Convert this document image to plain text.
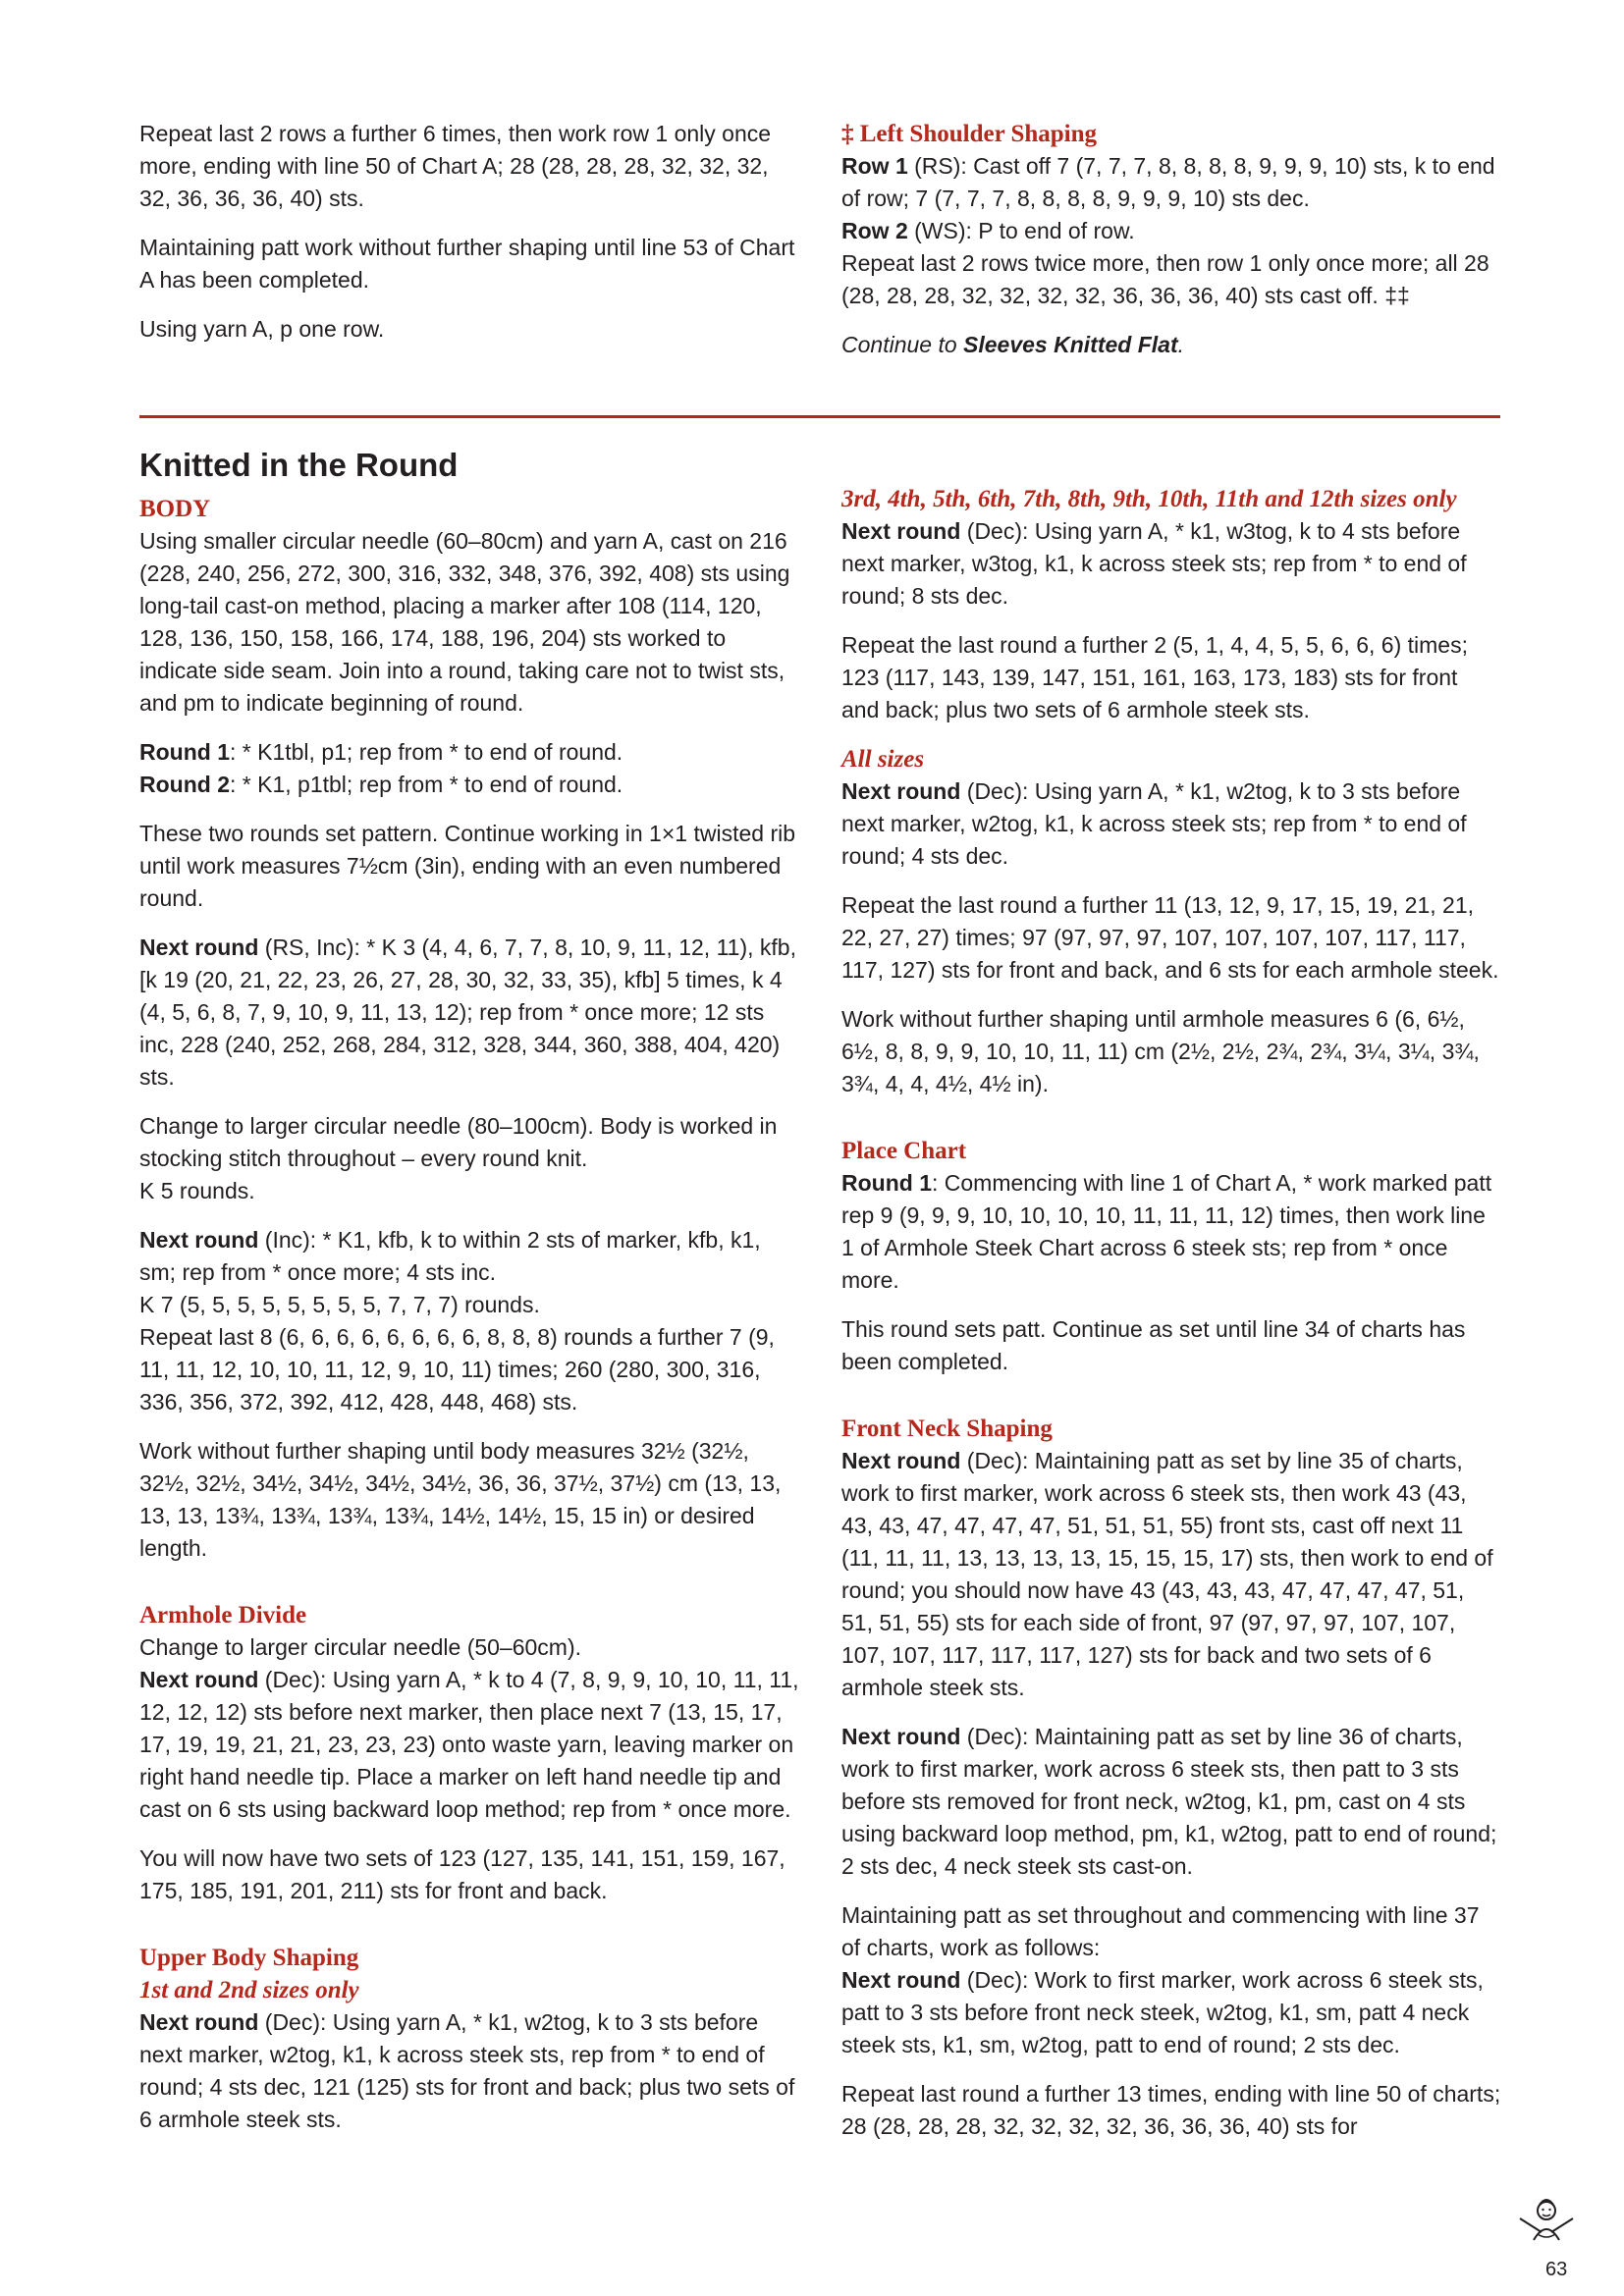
Repeat last 2 rows a further 6 times, then work row 1 only once more, ending with line 50 of Chart A; 28 (28, 28, 28, 32, 32, 32, 32, 36, 36, 36, 40) sts.

Maintaining patt work without further shaping until line 53 of Chart A has been completed.

Using yarn A, p one row.

‡ Left Shoulder Shaping

Row 1 (RS): Cast off 7 (7, 7, 7, 8, 8, 8, 8, 9, 9, 9, 10) sts, k to end of row; 7 (7, 7, 7, 8, 8, 8, 8, 9, 9, 9, 10) sts dec.

Row 2 (WS): P to end of row.

Repeat last 2 rows twice more, then row 1 only once more; all 28 (28, 28, 28, 32, 32, 32, 32, 36, 36, 36, 40) sts cast off. ‡‡

Continue to Sleeves Knitted Flat.

Knitted in the Round
BODY

Using smaller circular needle (60–80cm) and yarn A, cast on 216 (228, 240, 256, 272, 300, 316, 332, 348, 376, 392, 408) sts using long-tail cast-on method, placing a marker after 108 (114, 120, 128, 136, 150, 158, 166, 174, 188, 196, 204) sts worked to indicate side seam. Join into a round, taking care not to twist sts, and pm to indicate beginning of round.

Round 1: * K1tbl, p1; rep from * to end of round.
Round 2: * K1, p1tbl; rep from * to end of round.

These two rounds set pattern. Continue working in 1×1 twisted rib until work measures 7½cm (3in), ending with an even numbered round.

Next round (RS, Inc): * K 3 (4, 4, 6, 7, 7, 8, 10, 9, 11, 12, 11), kfb, [k 19 (20, 21, 22, 23, 26, 27, 28, 30, 32, 33, 35), kfb] 5 times, k 4 (4, 5, 6, 8, 7, 9, 10, 9, 11, 13, 12); rep from * once more; 12 sts inc, 228 (240, 252, 268, 284, 312, 328, 344, 360, 388, 404, 420) sts.

Change to larger circular needle (80–100cm). Body is worked in stocking stitch throughout – every round knit.
K 5 rounds.

Next round (Inc): * K1, kfb, k to within 2 sts of marker, kfb, k1, sm; rep from * once more; 4 sts inc.
K 7 (5, 5, 5, 5, 5, 5, 5, 5, 7, 7, 7) rounds.
Repeat last 8 (6, 6, 6, 6, 6, 6, 6, 6, 8, 8, 8) rounds a further 7 (9, 11, 11, 12, 10, 10, 11, 12, 9, 10, 11) times; 260 (280, 300, 316, 336, 356, 372, 392, 412, 428, 448, 468) sts.

Work without further shaping until body measures 32½ (32½, 32½, 32½, 34½, 34½, 34½, 34½, 36, 36, 37½, 37½) cm (13, 13, 13, 13, 13¾, 13¾, 13¾, 13¾, 14½, 14½, 15, 15 in) or desired length.

Armhole Divide

Change to larger circular needle (50–60cm).
Next round (Dec): Using yarn A, * k to 4 (7, 8, 9, 9, 10, 10, 11, 11, 12, 12, 12) sts before next marker, then place next 7 (13, 15, 17, 17, 19, 19, 21, 21, 23, 23, 23) onto waste yarn, leaving marker on right hand needle tip. Place a marker on left hand needle tip and cast on 6 sts using backward loop method; rep from * once more.

You will now have two sets of 123 (127, 135, 141, 151, 159, 167, 175, 185, 191, 201, 211) sts for front and back.

Upper Body Shaping
1st and 2nd sizes only

Next round (Dec): Using yarn A, * k1, w2tog, k to 3 sts before next marker, w2tog, k1, k across steek sts, rep from * to end of round; 4 sts dec, 121 (125) sts for front and back; plus two sets of 6 armhole steek sts.

3rd, 4th, 5th, 6th, 7th, 8th, 9th, 10th, 11th and 12th sizes only

Next round (Dec): Using yarn A, * k1, w3tog, k to 4 sts before next marker, w3tog, k1, k across steek sts; rep from * to end of round; 8 sts dec.

Repeat the last round a further 2 (5, 1, 4, 4, 5, 5, 6, 6, 6) times; 123 (117, 143, 139, 147, 151, 161, 163, 173, 183) sts for front and back; plus two sets of 6 armhole steek sts.

All sizes

Next round (Dec): Using yarn A, * k1, w2tog, k to 3 sts before next marker, w2tog, k1, k across steek sts; rep from * to end of round; 4 sts dec.

Repeat the last round a further 11 (13, 12, 9, 17, 15, 19, 21, 21, 22, 27, 27) times; 97 (97, 97, 97, 107, 107, 107, 107, 117, 117, 117, 127) sts for front and back, and 6 sts for each armhole steek.

Work without further shaping until armhole measures 6 (6, 6½, 6½, 8, 8, 9, 9, 10, 10, 11, 11) cm (2½, 2½, 2¾, 2¾, 3¼, 3¼, 3¾, 3¾, 4, 4, 4½, 4½ in).

Place Chart

Round 1: Commencing with line 1 of Chart A, * work marked patt rep 9 (9, 9, 9, 10, 10, 10, 10, 11, 11, 11, 12) times, then work line 1 of Armhole Steek Chart across 6 steek sts; rep from * once more.

This round sets patt. Continue as set until line 34 of charts has been completed.

Front Neck Shaping

Next round (Dec): Maintaining patt as set by line 35 of charts, work to first marker, work across 6 steek sts, then work 43 (43, 43, 43, 47, 47, 47, 47, 51, 51, 51, 55) front sts, cast off next 11 (11, 11, 11, 13, 13, 13, 13, 15, 15, 15, 17) sts, then work to end of round; you should now have 43 (43, 43, 43, 47, 47, 47, 47, 51, 51, 51, 55) sts for each side of front, 97 (97, 97, 97, 107, 107, 107, 107, 117, 117, 117, 127) sts for back and two sets of 6 armhole steek sts.

Next round (Dec): Maintaining patt as set by line 36 of charts, work to first marker, work across 6 steek sts, then patt to 3 sts before sts removed for front neck, w2tog, k1, pm, cast on 4 sts using backward loop method, pm, k1, w2tog, patt to end of round; 2 sts dec, 4 neck steek sts cast-on.

Maintaining patt as set throughout and commencing with line 37 of charts, work as follows:
Next round (Dec): Work to first marker, work across 6 steek sts, patt to 3 sts before front neck steek, w2tog, k1, sm, patt 4 neck steek sts, k1, sm, w2tog, patt to end of round; 2 sts dec.

Repeat last round a further 13 times, ending with line 50 of charts; 28 (28, 28, 28, 32, 32, 32, 32, 36, 36, 36, 40) sts for

63
